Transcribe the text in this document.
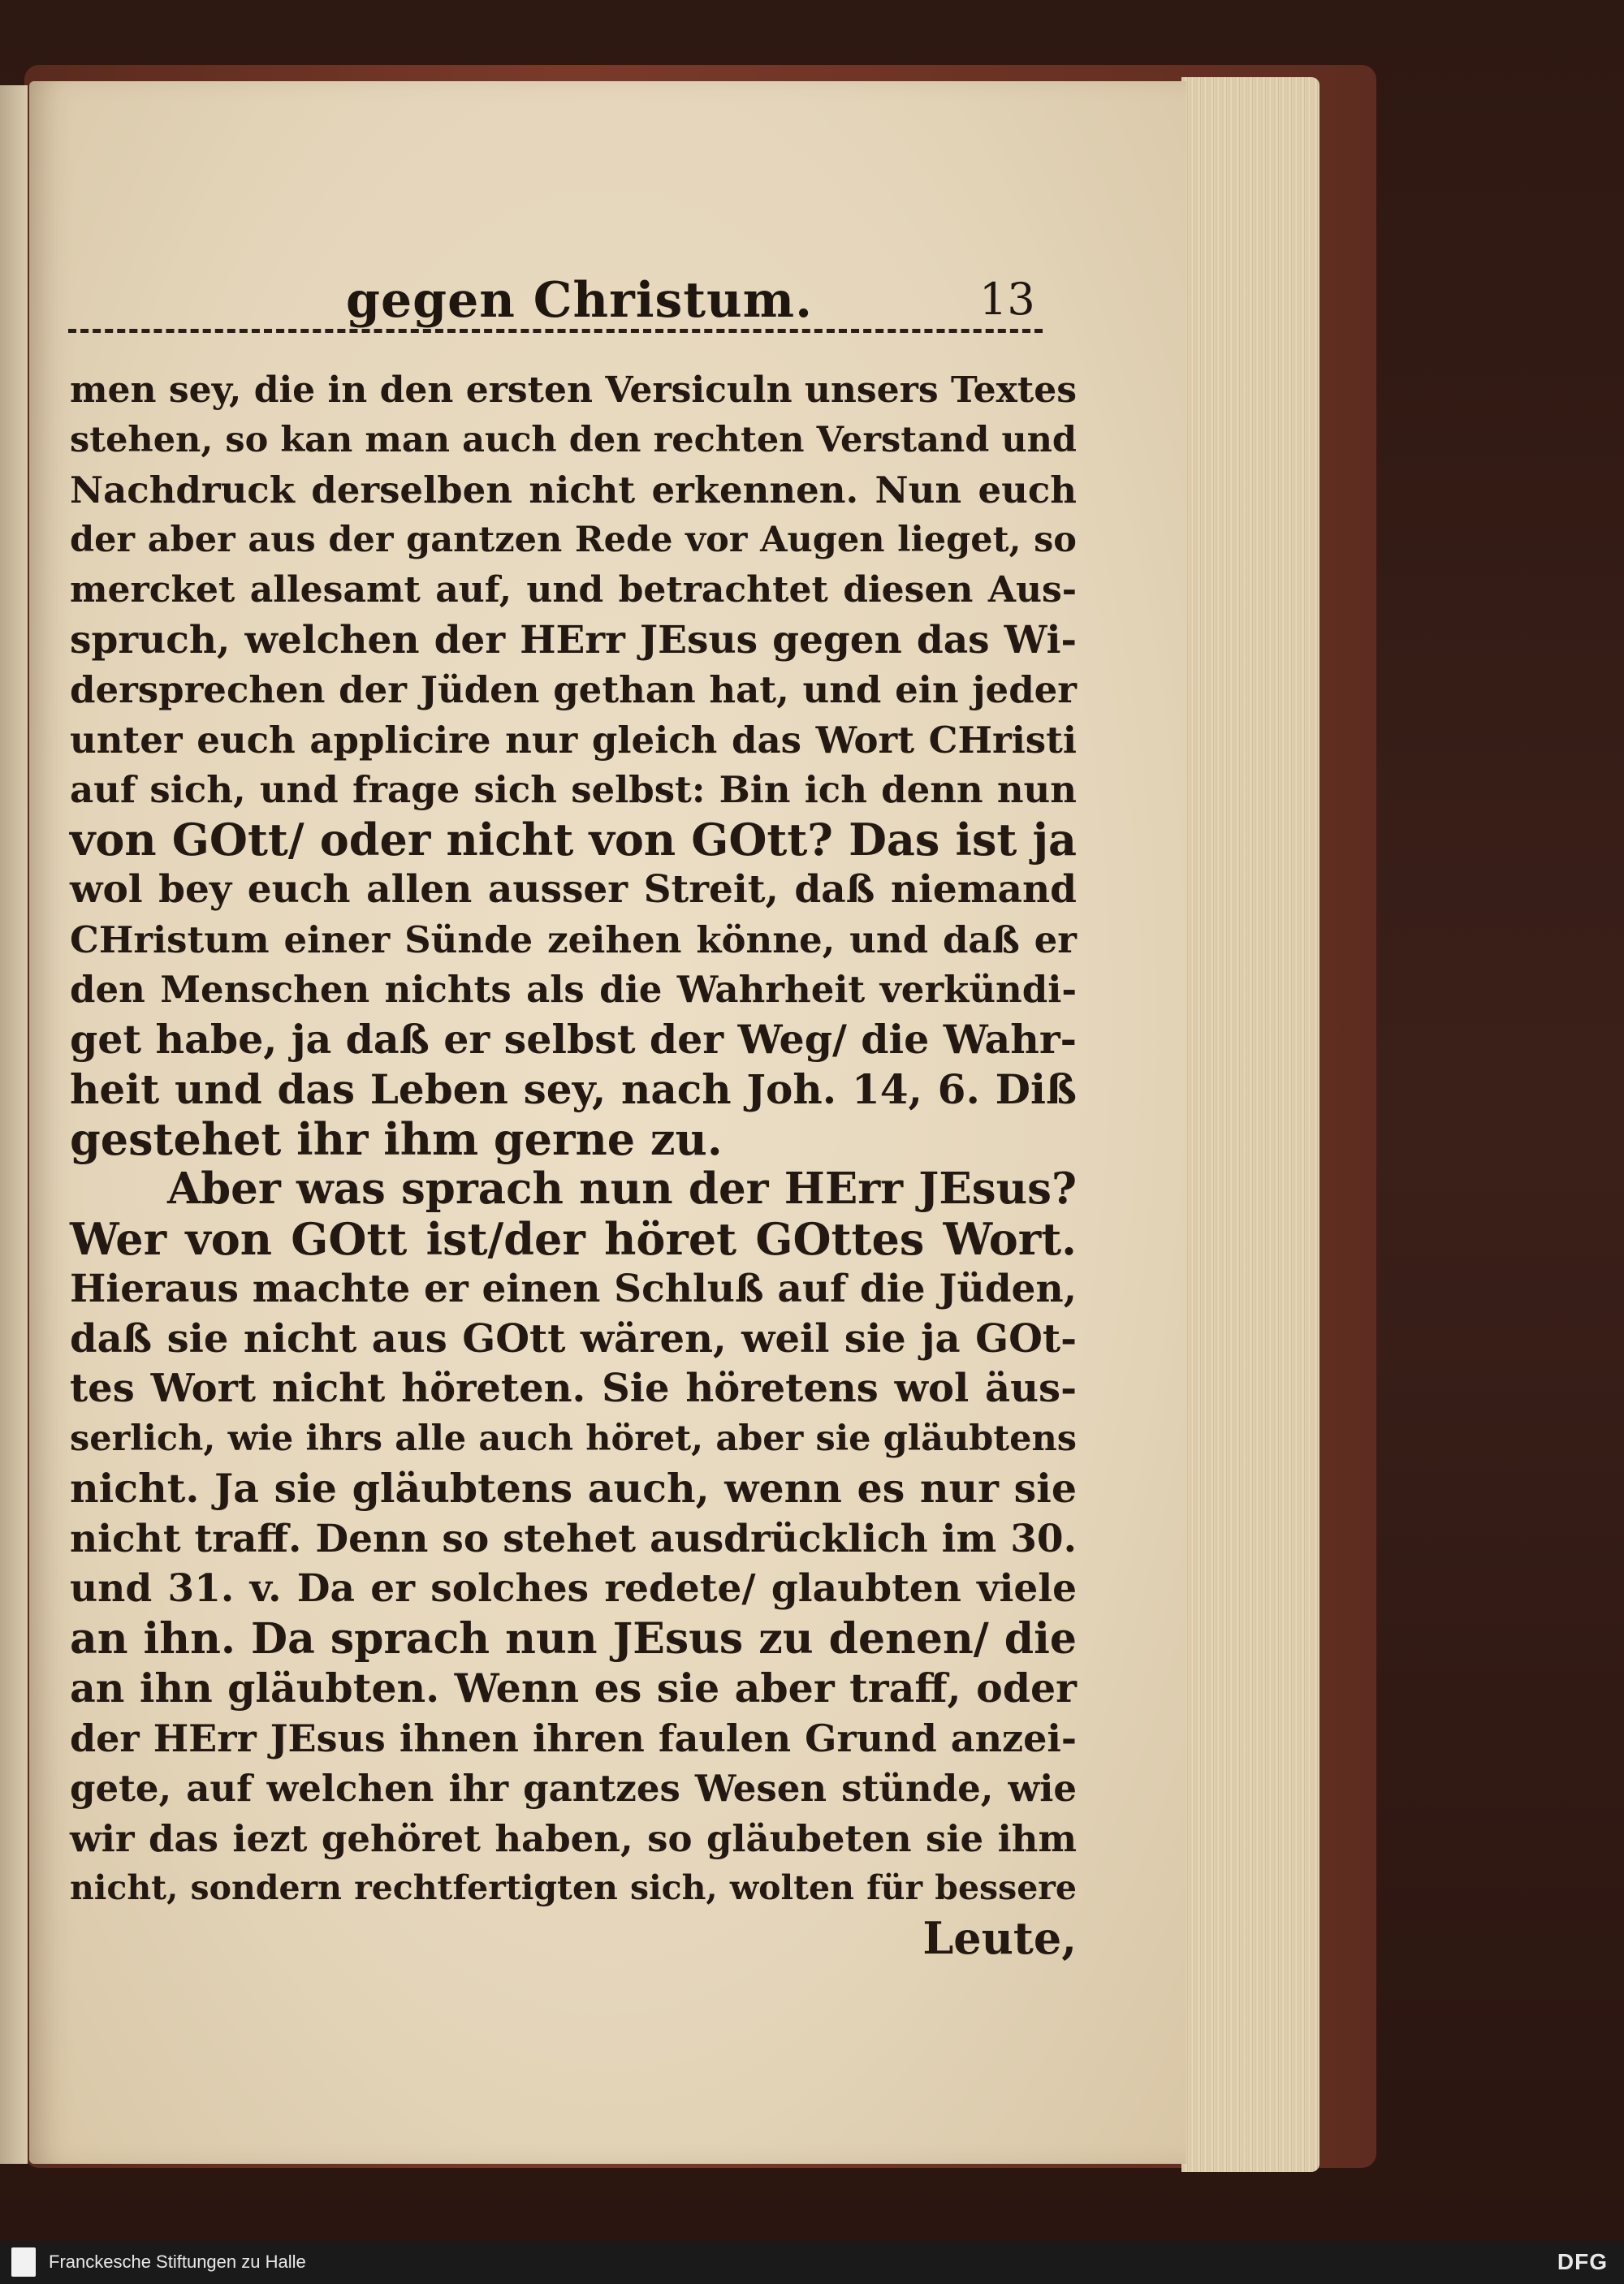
gegen Christum.	13
men sey, die in den ersten Versiculn unsers Textes
stehen, so kan man auch den rechten Verstand und
Nachdruck derselben nicht erkennen. Nun euch
der aber aus der gantzen Rede vor Augen lieget, so
mercket allesamt auf, und betrachtet diesen Aus-
spruch, welchen der HErr JEsus gegen das Wi-
dersprechen der Jüden gethan hat, und ein jeder
unter euch applicire nur gleich das Wort CHristi
auf sich, und frage sich selbst: Bin ich denn nun
von GOtt/ oder nicht von GOtt? Das ist ja
wol bey euch allen ausser Streit, daß niemand
CHristum einer Sünde zeihen könne, und daß er
den Menschen nichts als die Wahrheit verkündi-
get habe, ja daß er selbst der Weg/ die Wahr-
heit und das Leben sey, nach Joh. 14, 6. Diß
gestehet ihr ihm gerne zu.
Aber was sprach nun der HErr JEsus?
Wer von GOtt ist/der höret GOttes Wort.
Hieraus machte er einen Schluß auf die Jüden,
daß sie nicht aus GOtt wären, weil sie ja GOt-
tes Wort nicht höreten. Sie höretens wol äus-
serlich, wie ihrs alle auch höret, aber sie gläubtens
nicht. Ja sie gläubtens auch, wenn es nur sie
nicht traff. Denn so stehet ausdrücklich im 30.
und 31. v. Da er solches redete/ glaubten viele
an ihn. Da sprach nun JEsus zu denen/ die
an ihn gläubten. Wenn es sie aber traff, oder
der HErr JEsus ihnen ihren faulen Grund anzei-
gete, auf welchen ihr gantzes Wesen stünde, wie
wir das iezt gehöret haben, so gläubeten sie ihm
nicht, sondern rechtfertigten sich, wolten für bessere
Leute,
Franckesche Stiftungen zu Halle	DFG
